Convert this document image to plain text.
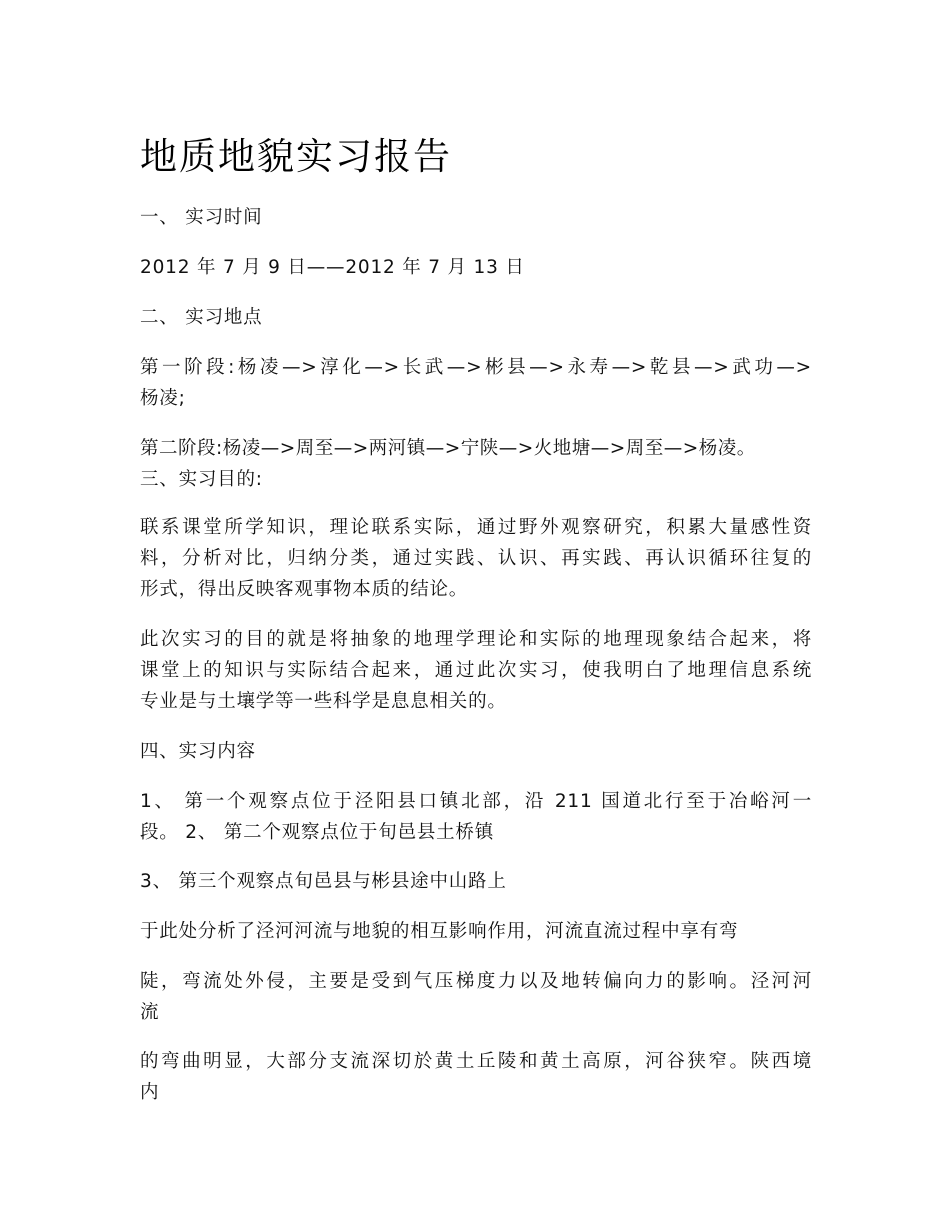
地质地貌实习报告

一、 实习时间

2012 年 7 月 9 日——2012 年 7 月 13 日

二、 实习地点

第一阶段:杨凌—>淳化—>长武—>彬县—>永寿—>乾县—>武功—>
杨凌;

第二阶段:杨凌—>周至—>两河镇—>宁陕—>火地塘—>周至—>杨凌。
三、实习目的:

联系课堂所学知识，理论联系实际，通过野外观察研究，积累大量感性资
料，分析对比，归纳分类，通过实践、认识、再实践、再认识循环往复的
形式，得出反映客观事物本质的结论。

此次实习的目的就是将抽象的地理学理论和实际的地理现象结合起来，将
课堂上的知识与实际结合起来，通过此次实习，使我明白了地理信息系统
专业是与土壤学等一些科学是息息相关的。

四、实习内容

1、 第一个观察点位于泾阳县口镇北部，沿 211 国道北行至于冶峪河一
段。 2、 第二个观察点位于旬邑县土桥镇

3、 第三个观察点旬邑县与彬县途中山路上

于此处分析了泾河河流与地貌的相互影响作用，河流直流过程中享有弯

陡，弯流处外侵，主要是受到气压梯度力以及地转偏向力的影响。泾河河
流

的弯曲明显，大部分支流深切於黄土丘陵和黄土高原，河谷狭窄。陕西境
内
